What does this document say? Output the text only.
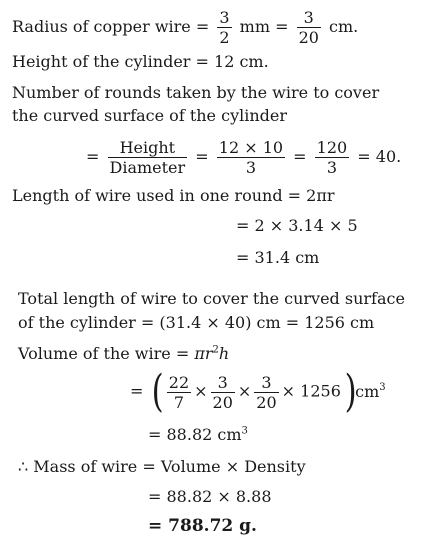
Radius of copper wire = $\frac{3}{2}$ mm = $\frac{3}{20}$ cm.
Height of the cylinder = 12 cm.
Number of rounds taken by the wire to cover
the curved surface of the cylinder
= $\frac{\text{Height}}{\text{Diameter}} = \frac{12 \times 10}{3} = \frac{120}{3} = 40$.
Length of wire used in one round = 2πr
= 2 × 3.14 × 5
= 31.4 cm
Total length of wire to cover the curved surface
of the cylinder = (31.4 × 40) cm = 1256 cm
Volume of the wire = $\pi r^2h$
= ( $\frac{22}{7} \times \frac{3}{20} \times \frac{3}{20} \times 1256$ )$cm^3$
= 88.82 $cm^3$
∴ Mass of wire = Volume × Density
= 88.82 × 8.88
= 788.72 g.
